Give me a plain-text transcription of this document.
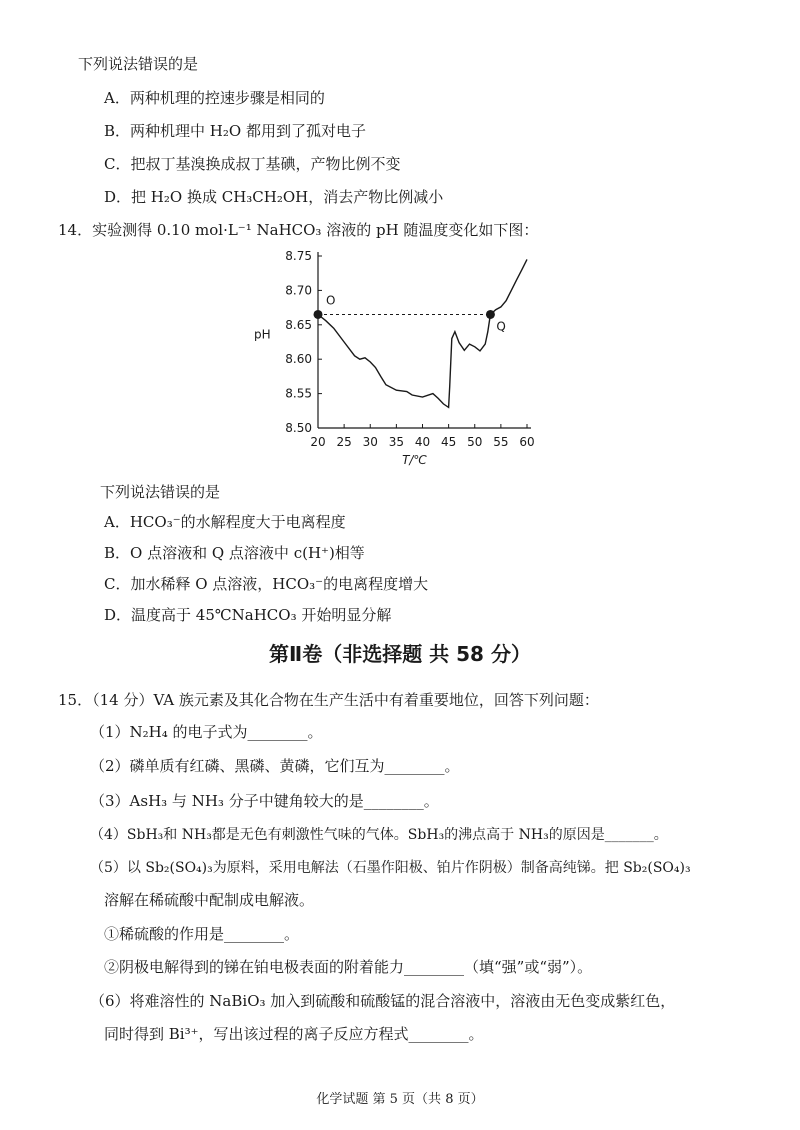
下列说法错误的是
A．两种机理的控速步骤是相同的
B．两种机理中 H₂O 都用到了孤对电子
C．把叔丁基溴换成叔丁基碘，产物比例不变
D．把 H₂O 换成 CH₃CH₂OH，消去产物比例减小
14．实验测得 0.10 mol·L⁻¹ NaHCO₃ 溶液的 pH 随温度变化如下图：
8.50
8.55
8.60
8.65
8.70
8.75
20 25 30 35 40 45 50 55 60
O
Q
pH
T/℃
下列说法错误的是
A．HCO₃⁻的水解程度大于电离程度
B．O 点溶液和 Q 点溶液中 c(H⁺)相等
C．加水稀释 O 点溶液，HCO₃⁻的电离程度增大
D．温度高于 45℃NaHCO₃ 开始明显分解
第Ⅱ卷（非选择题 共 58 分）
15．（14 分）VA 族元素及其化合物在生产生活中有着重要地位，回答下列问题：
（1）N₂H₄ 的电子式为________。
（2）磷单质有红磷、黑磷、黄磷，它们互为________。
（3）AsH₃ 与 NH₃ 分子中键角较大的是________。
（4）SbH₃和 NH₃都是无色有刺激性气味的气体。SbH₃的沸点高于 NH₃的原因是_______。
（5）以 Sb₂(SO₄)₃为原料，采用电解法（石墨作阳极、铂片作阴极）制备高纯锑。把 Sb₂(SO₄)₃
溶解在稀硫酸中配制成电解液。
①稀硫酸的作用是________。
②阴极电解得到的锑在铂电极表面的附着能力________（填“强”或“弱”）。
（6）将难溶性的 NaBiO₃ 加入到硫酸和硫酸锰的混合溶液中，溶液由无色变成紫红色，
同时得到 Bi³⁺，写出该过程的离子反应方程式________。
化学试题 第 5 页（共 8 页）
